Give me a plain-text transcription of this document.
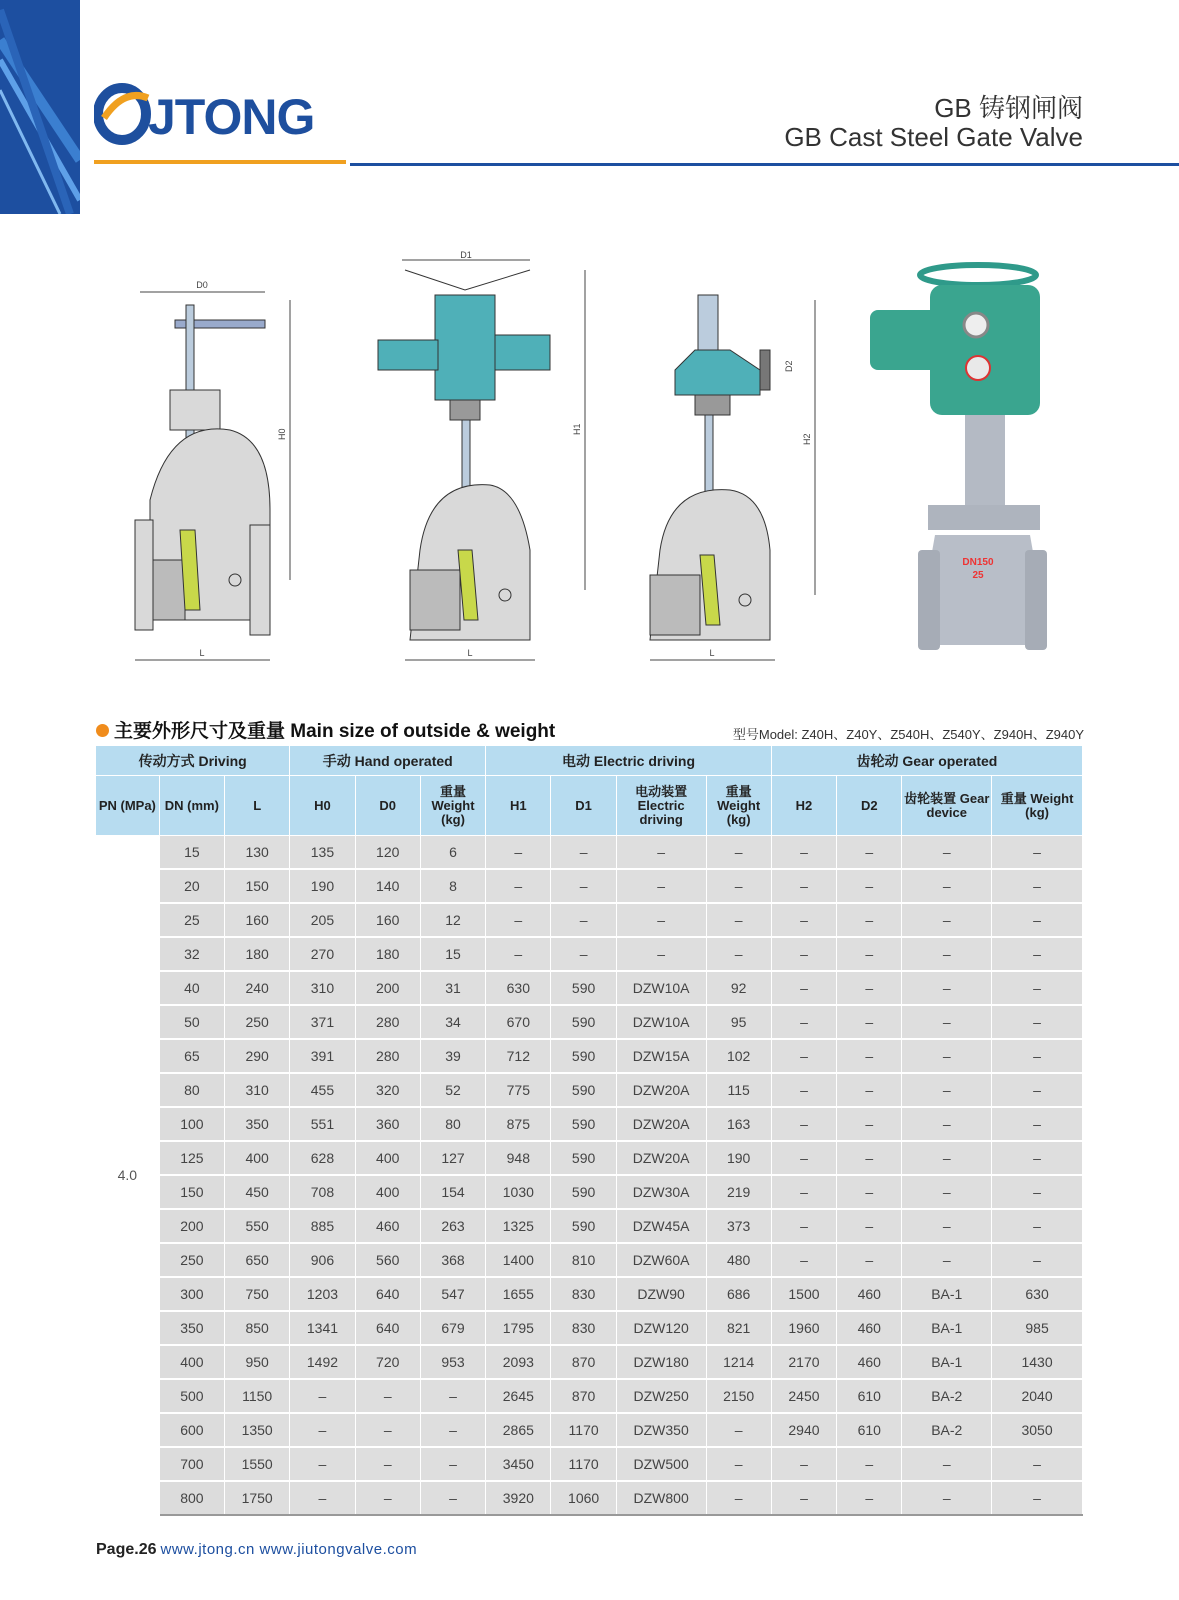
JTONG	GB 铸钢闸阀
GB Cast Steel Gate Valve
D0
H0
L
D1
H1
L
H2
D2
L
DN150
25
主要外形尺寸及重量 Main size of outside & weight	型号Model: Z40H、Z40Y、Z540H、Z540Y、Z940H、Z940Y
传动方式 Driving			手动 Hand operated			电动 Electric driving				齿轮动 Gear operated			
PN (MPa)	DN (mm)	L	H0	D0	重量 Weight (kg)	H1	D1	电动装置 Electric driving	重量 Weight (kg)	H2	D2	齿轮装置 Gear device	重量 Weight (kg)
4.0	15	130	135	120	6	–	–	–	–	–	–	–	–
	20	150	190	140	8	–	–	–	–	–	–	–	–
	25	160	205	160	12	–	–	–	–	–	–	–	–
	32	180	270	180	15	–	–	–	–	–	–	–	–
	40	240	310	200	31	630	590	DZW10A	92	–	–	–	–
	50	250	371	280	34	670	590	DZW10A	95	–	–	–	–
	65	290	391	280	39	712	590	DZW15A	102	–	–	–	–
	80	310	455	320	52	775	590	DZW20A	115	–	–	–	–
	100	350	551	360	80	875	590	DZW20A	163	–	–	–	–
	125	400	628	400	127	948	590	DZW20A	190	–	–	–	–
	150	450	708	400	154	1030	590	DZW30A	219	–	–	–	–
	200	550	885	460	263	1325	590	DZW45A	373	–	–	–	–
	250	650	906	560	368	1400	810	DZW60A	480	–	–	–	–
	300	750	1203	640	547	1655	830	DZW90	686	1500	460	BA-1	630
	350	850	1341	640	679	1795	830	DZW120	821	1960	460	BA-1	985
	400	950	1492	720	953	2093	870	DZW180	1214	2170	460	BA-1	1430
	500	1150	–	–	–	2645	870	DZW250	2150	2450	610	BA-2	2040
	600	1350	–	–	–	2865	1170	DZW350	–	2940	610	BA-2	3050
	700	1550	–	–	–	3450	1170	DZW500	–	–	–	–	–
	800	1750	–	–	–	3920	1060	DZW800	–	–	–	–	–
Page.26 www.jtong.cn www.jiutongvalve.com
